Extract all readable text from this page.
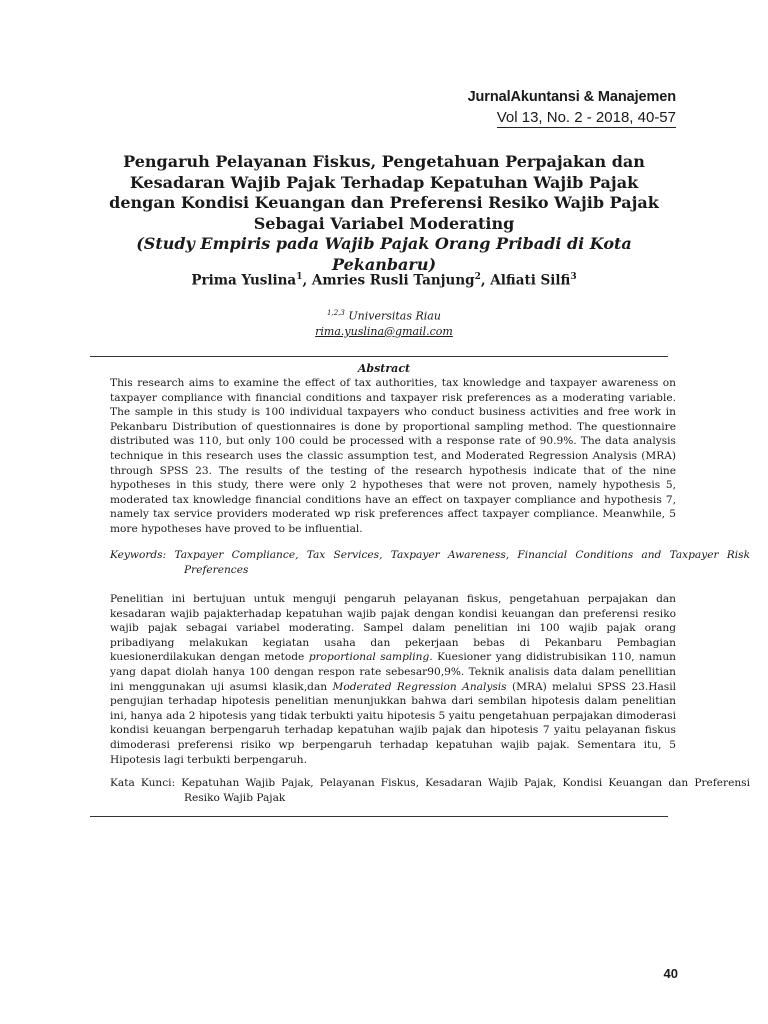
JurnalAkuntansi & Manajemen
Vol 13, No. 2 - 2018, 40-57
Pengaruh Pelayanan Fiskus, Pengetahuan Perpajakan dan Kesadaran Wajib Pajak Terhadap Kepatuhan Wajib Pajak dengan Kondisi Keuangan dan Preferensi Resiko Wajib Pajak Sebagai Variabel Moderating
(Study Empiris pada Wajib Pajak Orang Pribadi di Kota Pekanbaru)
Prima Yuslina$^1$, Amries Rusli Tanjung$^2$, Alfiati Silfi$^3$
$^{1,2,3}$ Universitas Riau
rima.yuslina@gmail.com
Abstract
This research aims to examine the effect of tax authorities, tax knowledge and taxpayer awareness on taxpayer compliance with financial conditions and taxpayer risk preferences as a moderating variable. The sample in this study is 100 individual taxpayers who conduct business activities and free work in Pekanbaru Distribution of questionnaires is done by proportional sampling method. The questionnaire distributed was 110, but only 100 could be processed with a response rate of 90.9%. The data analysis technique in this research uses the classic assumption test, and Moderated Regression Analysis (MRA) through SPSS 23. The results of the testing of the research hypothesis indicate that of the nine hypotheses in this study, there were only 2 hypotheses that were not proven, namely hypothesis 5, moderated tax knowledge financial conditions have an effect on taxpayer compliance and hypothesis 7, namely tax service providers moderated wp risk preferences affect taxpayer compliance. Meanwhile, 5 more hypotheses have proved to be influential.
Keywords: Taxpayer Compliance, Tax Services, Taxpayer Awareness, Financial Conditions and Taxpayer Risk Preferences
Penelitian ini bertujuan untuk menguji pengaruh pelayanan fiskus, pengetahuan perpajakan dan kesadaran wajib pajakterhadap kepatuhan wajib pajak dengan kondisi keuangan dan preferensi resiko wajib pajak sebagai variabel moderating. Sampel dalam penelitian ini 100 wajib pajak orang pribadiyang melakukan kegiatan usaha dan pekerjaan bebas di Pekanbaru Pembagian kuesionerdilakukan dengan metode proportional sampling. Kuesioner yang didistrubisikan 110, namun yang dapat diolah hanya 100 dengan respon rate sebesar90,9%. Teknik analisis data dalam penellitian ini menggunakan uji asumsi klasik,dan Moderated Regression Analysis (MRA) melalui SPSS 23.Hasil pengujian terhadap hipotesis penelitian menunjukkan bahwa dari sembilan hipotesis dalam penelitian ini, hanya ada 2 hipotesis yang tidak terbukti yaitu hipotesis 5 yaitu pengetahuan perpajakan dimoderasi kondisi keuangan berpengaruh terhadap kepatuhan wajib pajak dan hipotesis 7 yaitu pelayanan fiskus dimoderasi preferensi risiko wp berpengaruh terhadap kepatuhan wajib pajak. Sementara itu, 5 Hipotesis lagi terbukti berpengaruh.
Kata Kunci: Kepatuhan Wajib Pajak, Pelayanan Fiskus, Kesadaran Wajib Pajak, Kondisi Keuangan dan Preferensi Resiko Wajib Pajak
40
